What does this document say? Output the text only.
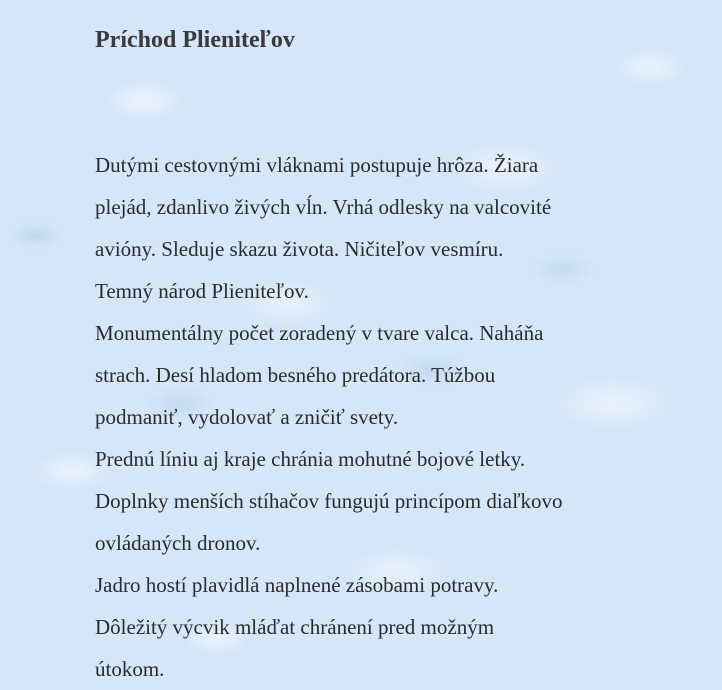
Príchod Plieniteľov

Dutými cestovnými vláknami postupuje hrôza. Žiara

plejád, zdanlivo živých vĺn. Vrhá odlesky na valcovité

avióny. Sleduje skazu života. Ničiteľov vesmíru.

Temný národ Plieniteľov.

Monumentálny počet zoradený v tvare valca. Naháňa

strach. Desí hladom besného predátora. Túžbou

podmaniť, vydolovať a zničiť svety.

Prednú líniu aj kraje chránia mohutné bojové letky.

Doplnky menších stíhačov fungujú princípom diaľkovo

ovládaných dronov.

Jadro hostí plavidlá naplnené zásobami potravy.

Dôležitý výcvik mláďat chránení pred možným

útokom.
